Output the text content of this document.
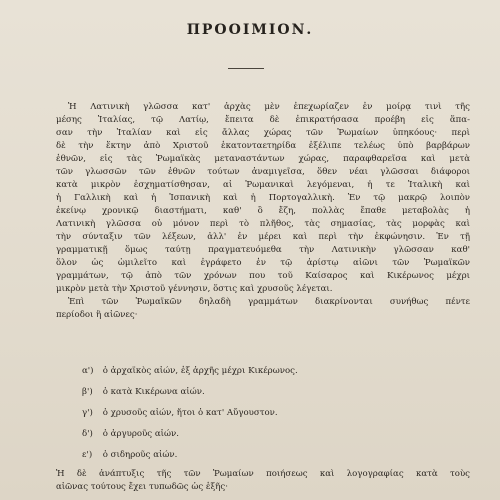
ΠΡΟΟΙΜΙΟΝ.
Ἡ Λατινικὴ γλῶσσα κατ' ἀρχὰς μὲν ἐπεχωρίαζεν ἐν μοίρᾳ τινὶ τῆς
μέσης Ἰταλίας, τῷ Λατίῳ, ἔπειτα δὲ ἐπικρατήσασα προέβη εἰς ἅπα-
σαν τὴν Ἰταλίαν καὶ εἰς ἄλλας χώρας τῶν Ῥωμαίων ὑπηκόους· περὶ
δὲ τὴν ἕκτην ἀπὸ Χριστοῦ ἑκατονταετηρίδα ἐξέλιπε τελέως ὑπὸ βαρβάρων
ἐθνῶν, εἰς τὰς Ῥωμαϊκὰς μεταναστάντων χώρας, παραφθαρεῖσα καὶ μετὰ
τῶν γλωσσῶν τῶν ἐθνῶν τούτων ἀναμιγεῖσα, ὅθεν νέαι γλῶσσαι διάφοροι
κατὰ μικρὸν ἐσχηματίσθησαν, αἱ Ῥωμανικαὶ λεγόμεναι, ἡ τε Ἰταλικὴ καὶ
ἡ Γαλλικὴ καὶ ἡ Ἱσπανικὴ καὶ ἡ Πορτογαλλικὴ. Ἐν τῷ μακρῷ λοιπὸν
ἐκείνῳ χρονικῷ διαστήματι, καθ' ὃ ἔζη, πολλὰς ἔπαθε μεταβολὰς ἡ
Λατινικὴ γλῶσσα οὐ μόνον περὶ τὸ πλῆθος, τὰς σημασίας, τὰς μορφὰς καὶ
τὴν σύνταξιν τῶν λέξεων, ἀλλ' ἐν μέρει καὶ περὶ τὴν ἐκφώνησιν. Ἐν τῇ
γραμματικῇ ὅμως ταύτῃ πραγματευόμεθα τὴν Λατινικὴν γλῶσσαν καθ'
ὅλον ὡς ὡμιλεῖτο καὶ ἐγράφετο ἐν τῷ ἀρίστῳ αἰῶνι τῶν Ῥωμαϊκῶν
γραμμάτων, τῷ ἀπὸ τῶν χρόνων που τοῦ Καίσαρος καὶ Κικέρωνος μέχρι
μικρὸν μετὰ τὴν Χριστοῦ γέννησιν, ὅστις καὶ χρυσοῦς λέγεται.
Ἐπὶ τῶν Ῥωμαϊκῶν δηλαδὴ γραμμάτων διακρίνονται συνήθως πέντε
περίοδοι ἢ αἰῶνες·
α') ὁ ἀρχαϊκὸς αἰών, ἐξ ἀρχῆς μέχρι Κικέρωνος.
β') ὁ κατὰ Κικέρωνα αἰών.
γ') ὁ χρυσοῦς αἰών, ἤτοι ὁ κατ' Αὔγουστον.
δ') ὁ ἀργυροῦς αἰών.
ε') ὁ σιδηροῦς αἰών.
Ἡ δὲ ἀνάπτυξις τῆς τῶν Ῥωμαίων ποιήσεως καὶ λογογραφίας κατὰ τοὺς
αἰῶνας τούτους ἔχει τυπωδῶς ὡς ἑξῆς·
